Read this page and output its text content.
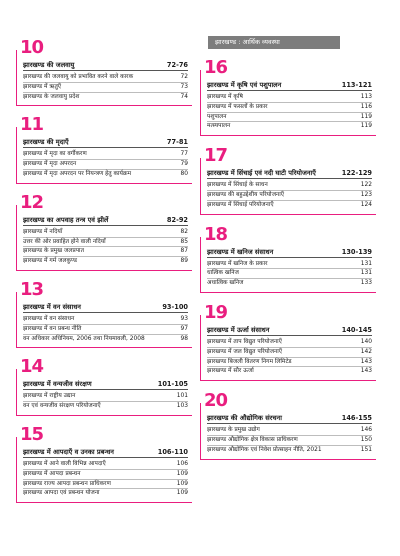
झारखण्ड : आर्थिक व्यवस्था
10
झारखण्ड की जलवायु	72-76
झारखण्ड की जलवायु को प्रभावित करने वाले कारक	72
झारखण्ड में ऋतुएँ	73
झारखण्ड के जलवायु प्रदेश	74
11
झारखण्ड की मृदाएँ	77-81
झारखण्ड में मृदा का वर्गीकरण	77
झारखण्ड में मृदा अपरदन	79
झारखण्ड में मृदा अपरदन पर नियन्त्रण हेतु कार्यक्रम	80
12
झारखण्ड का अपवाह तन्त्र एवं झीलें	82-92
झारखण्ड में नदियाँ	82
उत्तर की ओर प्रवाहित होने वाली नदियाँ	85
झारखण्ड के प्रमुख जलप्रपात	87
झारखण्ड में गर्म जलकुण्ड	89
13
झारखण्ड में वन संसाधन	93-100
झारखण्ड में वन संसाधन	93
झारखण्ड में वन प्रबन्ध नीति	97
वन अधिकार अधिनियम, 2006 तथा नियमावली, 2008	98
14
झारखण्ड में वन्यजीव संरक्षण	101-105
झारखण्ड में राष्ट्रीय उद्यान	101
वन एवं वन्यजीव संरक्षण परियोजनाएँ	103
15
झारखण्ड में आपदाएँ व उनका प्रबन्धन	106-110
झारखण्ड में आने वाली विभिन्न आपदाएँ	106
झारखण्ड में आपदा प्रबन्धन	109
झारखण्ड राज्य आपदा प्रबन्धन प्राधिकरण	109
झारखण्ड आपदा एवं प्रबन्धन योजना	109
16
झारखण्ड में कृषि एवं पशुपालन	113-121
झारखण्ड में कृषि	113
झारखण्ड में फसलों के प्रकार	116
पशुपालन	119
मत्स्यपालन	119
17
झारखण्ड में सिंचाई एवं नदी घाटी परियोजनाएँ	122-129
झारखण्ड में सिंचाई के साधन	122
झारखण्ड की बहुउद्देशीय परियोजनाएँ	123
झारखण्ड में सिंचाई परियोजनाएँ	124
18
झारखण्ड में खनिज संसाधन	130-139
झारखण्ड में खनिज के प्रकार	131
धात्विक खनिज	131
अधात्विक खनिज	133
19
झारखण्ड में ऊर्जा संसाधन	140-145
झारखण्ड में ताप विद्युत परियोजनाएँ	140
झारखण्ड में जल विद्युत परियोजनाएँ	142
झारखण्ड बिजली वितरण निगम लिमिटेड	143
झारखण्ड में सौर ऊर्जा	143
20
झारखण्ड की औद्योगिक संरचना	146-155
झारखण्ड के प्रमुख उद्योग	146
झारखण्ड औद्योगिक क्षेत्र विकास प्राधिकरण	150
झारखण्ड औद्योगिक एवं निवेश प्रोत्साहन नीति, 2021	151
